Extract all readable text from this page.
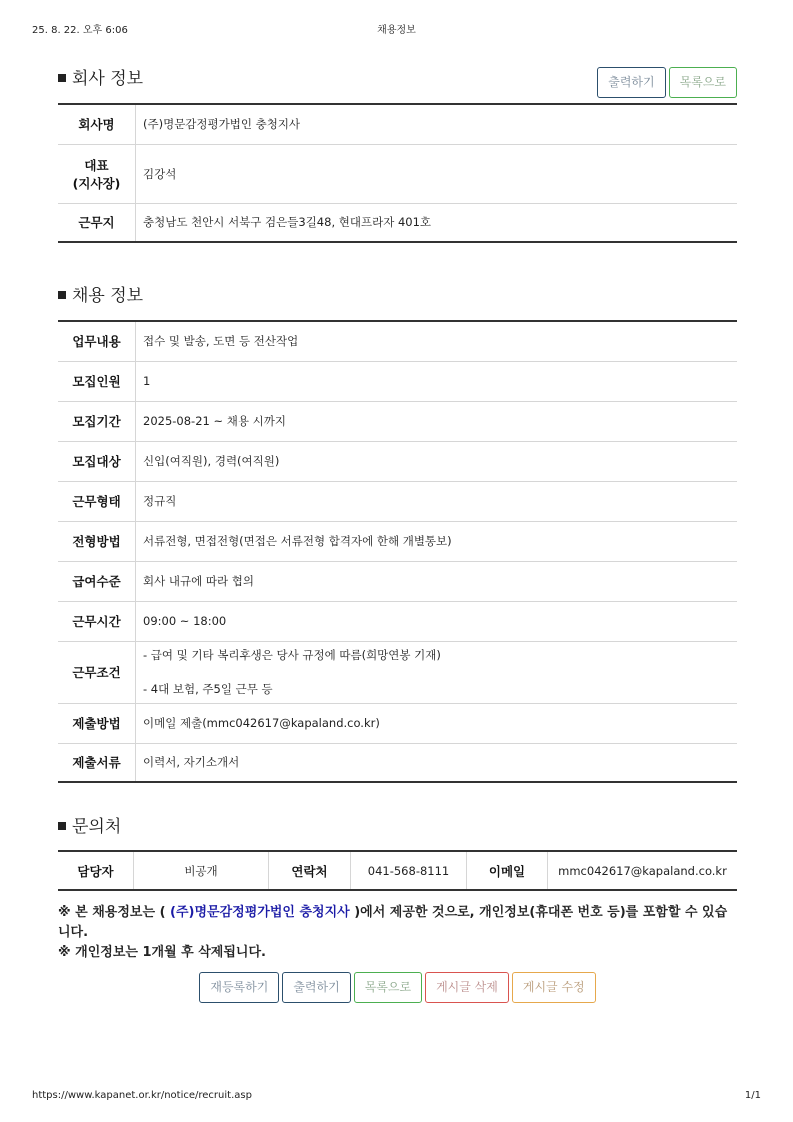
25. 8. 22. 오후 6:06	채용정보
회사 정보	출력하기 목록으로
회사명	(주)명문감정평가법인 충청지사
대표
(지사장)	김강석
근무지	충청남도 천안시 서북구 검은들3길48, 현대프라자 401호
채용 정보
업무내용	접수 및 발송, 도면 등 전산작업
모집인원	1
모집기간	2025-08-21 ~ 채용 시까지
모집대상	신입(여직원), 경력(여직원)
근무형태	정규직
전형방법	서류전형, 면접전형(면접은 서류전형 합격자에 한해 개별통보)
급여수준	회사 내규에 따라 협의
근무시간	09:00 ~ 18:00
근무조건	- 급여 및 기타 복리후생은 당사 규정에 따름(희망연봉 기재)

- 4대 보험, 주5일 근무 등
제출방법	이메일 제출(mmc042617@kapaland.co.kr)
제출서류	이력서, 자기소개서
문의처
담당자	비공개	연락처	041-568-8111	이메일	mmc042617@kapaland.co.kr
※ 본 채용정보는 ( (주)명문감정평가법인 충청지사 )에서 제공한 것으로, 개인정보(휴대폰 번호 등)를 포함할 수 있습니다.
※ 개인정보는 1개월 후 삭제됩니다.
재등록하기 출력하기 목록으로 게시글 삭제 게시글 수정
https://www.kapanet.or.kr/notice/recruit.asp	1/1
